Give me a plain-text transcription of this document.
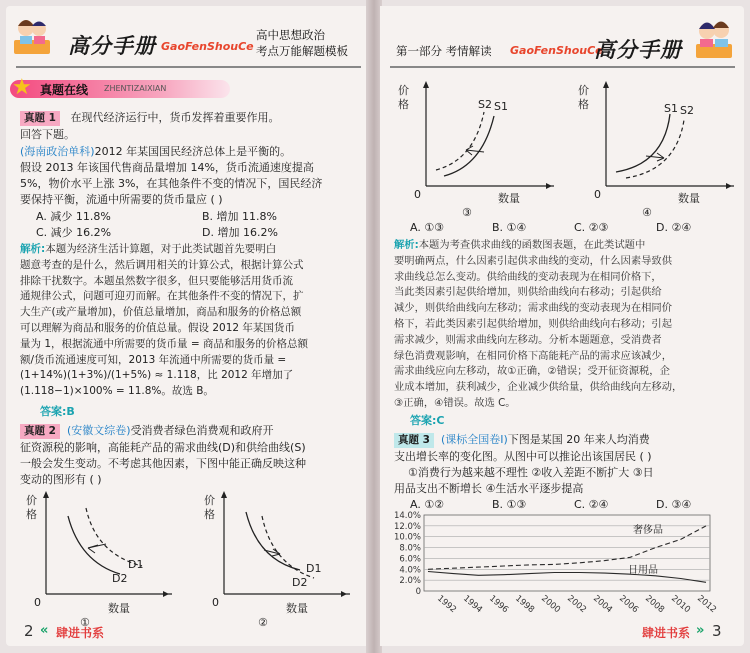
高分手册 GaoFenShouCe
高中思想政治
考点万能解题模板
★ 真题在线 ZHENTIZAIXIAN
真题 1 在现代经济运行中，货币发挥着重要作用。
回答下题。
(海南政治单科)2012 年某国国民经济总体上是平衡的。
假设 2013 年该国代售商品量增加 14%，货币流通速度提高
5%，物价水平上涨 3%，在其他条件不变的情况下，国民经济
要保持平衡，流通中所需要的货币量应 ( )
A. 减少 11.8%	B. 增加 11.8%
C. 减少 16.2%	D. 增加 16.2%
解析:本题为经济生活计算题，对于此类试题首先要明白
题意考查的是什么，然后调用相关的计算公式，根据计算公式
排除干扰数字。本题虽然数字很多，但只要能够活用货币流
通规律公式，问题可迎刃而解。在其他条件不变的情况下，扩
大生产(或产量增加)，价值总量增加，商品和服务的价格总额
可以理解为商品和服务的价值总量。假设 2012 年某国货币
量为 1，根据流通中所需要的货币量 = 商品和服务的价格总额
额/货币流通速度可知，2013 年流通中所需要的货币量 =
(1+14%)(1+3%)/(1+5%) ≈ 1.118，比 2012 年增加了
(1.118−1)×100% = 11.8%。故选 B。
答案:B
真题 2 (安徽文综卷)受消费者绿色消费观和政府开
征资源税的影响，高能耗产品的需求曲线(D)和供给曲线(S)
一般会发生变动。不考虑其他因素，下图中能正确反映这种
变动的图形有 ( )
价
格
0	数量
D1
D2
①
价
格
0	数量
D1
D2
②
2 « 肆进书系
第一部分 考情解读 GaoFenShouCe
高分手册
价
格
0	数量
S2 S1
③
价
格
0	数量
S1 S2
④
A. ①③	B. ①④	C. ②③	D. ②④
解析:本题为考查供求曲线的函数图表题，在此类试题中
要明确两点，什么因素引起供求曲线的变动，什么因素导致供
求曲线总怎么变动。供给曲线的变动表现为在相同价格下，
当此类因素引起供给增加，则供给曲线向右移动；引起供给
减少，则供给曲线向左移动；需求曲线的变动表现为在相同价
格下，若此类因素引起供给增加，则供给曲线向右移动；引起
需求减少，则需求曲线向左移动。分析本题题意，受消费者
绿色消费观影响，在相同价格下高能耗产品的需求应该减少，
需求曲线应向左移动，故①正确，②错误；受开征资源税，企
业成本增加，获利减少，企业减少供给量，供给曲线向左移动，
③正确，④错误。故选 C。
答案:C
真题 3 (课标全国卷Ⅰ)下图是某国 20 年来人均消费
支出增长率的变化图。从图中可以推论出该国居民 ( )
①消费行为越来越不理性 ②收入差距不断扩大 ③日
用品支出不断增长 ④生活水平逐步提高
A. ①②	B. ①③	C. ②④	D. ③④
0
2.0%
4.0%
6.0%
8.0%
10.0%
12.0%
14.0%
1992 1994 1996 1998 2000 2002 2004 2006 2008 2010 2012
奢侈品
日用品
肆进书系 » 3
